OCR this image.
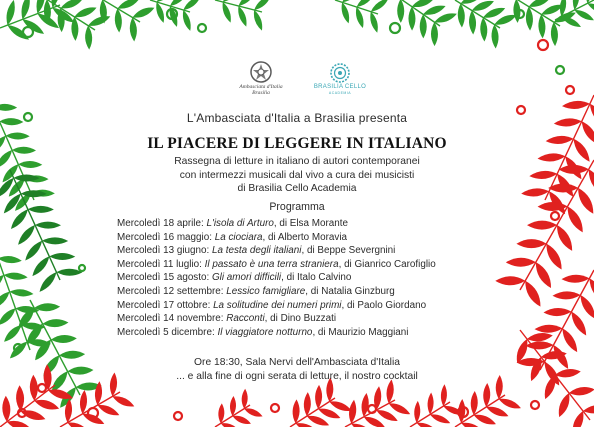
Ambasciata d'Italia
Brasilia
BRASILIA CELLO
ACADEMIA
L'Ambasciata d'Italia a Brasilia presenta
IL PIACERE DI LEGGERE IN ITALIANO
Rassegna di letture in italiano di autori contemporanei
con intermezzi musicali dal vivo a cura dei musicisti
di Brasilia Cello Academia
Programma
Mercoledì 18 aprile: L'isola di Arturo, di Elsa Morante
Mercoledì 16 maggio: La ciociara, di Alberto Moravia
Mercoledì 13 giugno: La testa degli italiani, di Beppe Severgnini
Mercoledì 11 luglio: Il passato è una terra straniera, di Gianrico Carofiglio
Mercoledì 15 agosto: Gli amori difficili, di Italo Calvino
Mercoledì 12 settembre: Lessico famigliare, di Natalia Ginzburg
Mercoledì 17 ottobre: La solitudine dei numeri primi, di Paolo Giordano
Mercoledì 14 novembre: Racconti, di Dino Buzzati
Mercoledì 5 dicembre: Il viaggiatore notturno, di Maurizio Maggiani
Ore 18:30, Sala Nervi dell'Ambasciata d'Italia
... e alla fine di ogni serata di letture, il nostro cocktail
